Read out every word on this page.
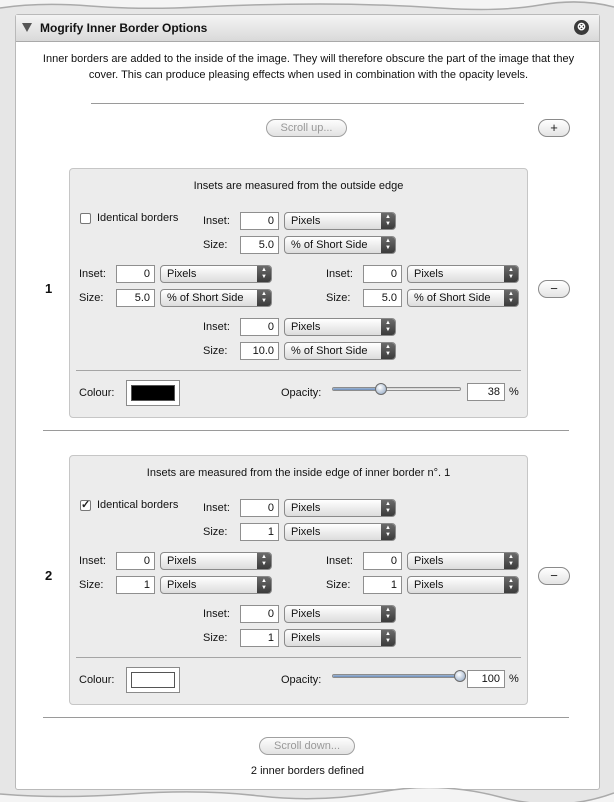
Mogrify Inner Border Options	⊗
Inner borders are added to the inside of the image. They will therefore obscure the part of the image that they cover. This can produce pleasing effects when used in combination with the opacity levels.
Scroll up...	+
1	−
Insets are measured from the outside edge
Identical borders Inset:	0	Pixels	▲
▼
Size:	5.0	% of Short Side	▲
▼
Inset:	0	Pixels	▲
▼
Size:	5.0	% of Short Side	▲
▼
Inset:	0	Pixels	▲
▼
Size:	5.0	% of Short Side	▲
▼
Inset:	0	Pixels	▲
▼
Size:	10.0	% of Short Side	▲
▼
Colour:	Opacity:	38 %
2	−
Insets are measured from the inside edge of inner border n°. 1
✓ Identical borders Inset:	0	Pixels	▲
▼
Size:	1	Pixels	▲
▼
Inset:	0	Pixels	▲
▼
Size:	1	Pixels	▲
▼
Inset:	0	Pixels	▲
▼
Size:	1	Pixels	▲
▼
Inset:	0	Pixels	▲
▼
Size:	1	Pixels	▲
▼
Colour:	Opacity:	100 %
Scroll down...
2 inner borders defined
